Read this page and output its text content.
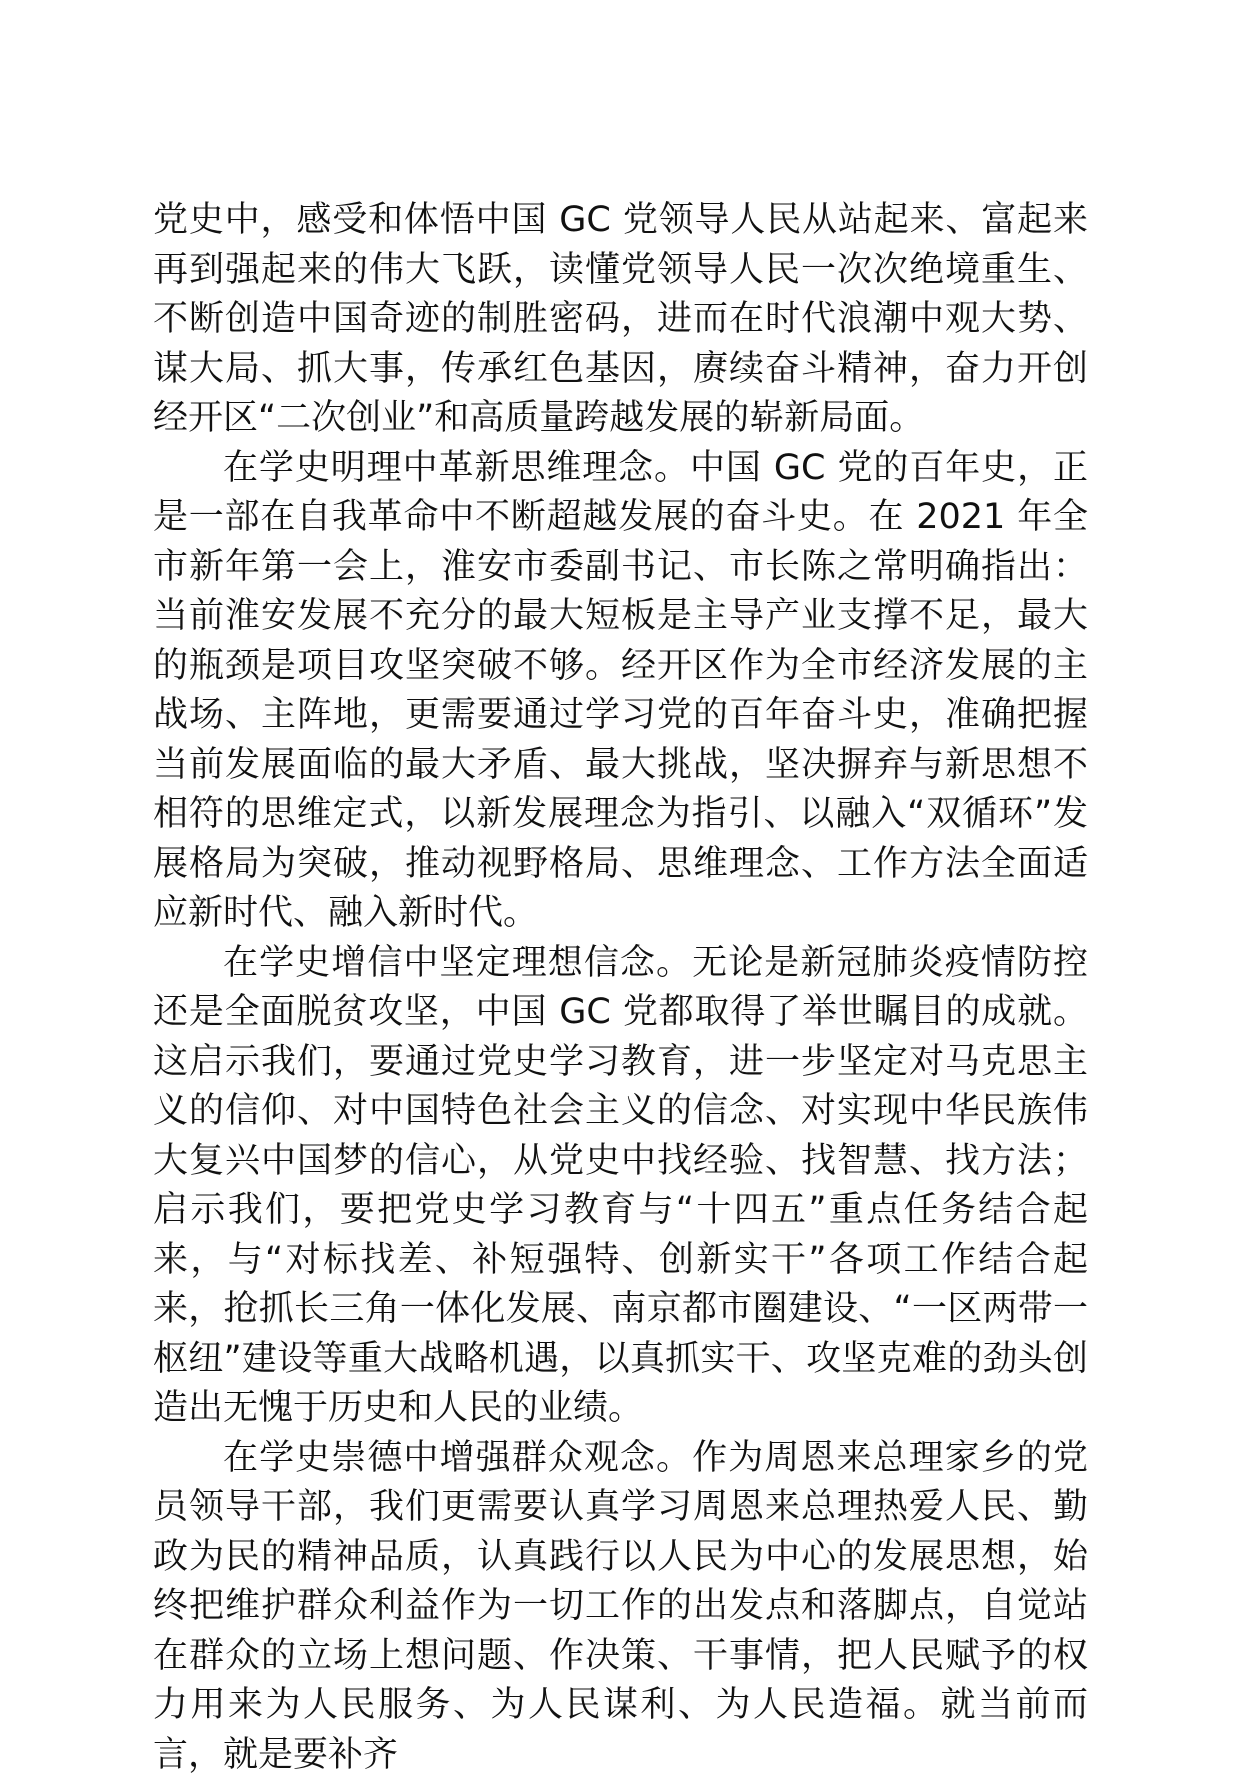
党史中，感受和体悟中国 GC 党领导人民从站起来、富起来再到强起来的伟大飞跃，读懂党领导人民一次次绝境重生、不断创造中国奇迹的制胜密码，进而在时代浪潮中观大势、谋大局、抓大事，传承红色基因，赓续奋斗精神，奋力开创经开区“二次创业”和高质量跨越发展的崭新局面。

在学史明理中革新思维理念。中国 GC 党的百年史，正是一部在自我革命中不断超越发展的奋斗史。在 2021 年全市新年第一会上，淮安市委副书记、市长陈之常明确指出：当前淮安发展不充分的最大短板是主导产业支撑不足，最大的瓶颈是项目攻坚突破不够。经开区作为全市经济发展的主战场、主阵地，更需要通过学习党的百年奋斗史，准确把握当前发展面临的最大矛盾、最大挑战，坚决摒弃与新思想不相符的思维定式，以新发展理念为指引、以融入“双循环”发展格局为突破，推动视野格局、思维理念、工作方法全面适应新时代、融入新时代。

在学史增信中坚定理想信念。无论是新冠肺炎疫情防控还是全面脱贫攻坚，中国 GC 党都取得了举世瞩目的成就。这启示我们，要通过党史学习教育，进一步坚定对马克思主义的信仰、对中国特色社会主义的信念、对实现中华民族伟大复兴中国梦的信心，从党史中找经验、找智慧、找方法；启示我们，要把党史学习教育与“十四五”重点任务结合起来，与“对标找差、补短强特、创新实干”各项工作结合起来，抢抓长三角一体化发展、南京都市圈建设、“一区两带一枢纽”建设等重大战略机遇，以真抓实干、攻坚克难的劲头创造出无愧于历史和人民的业绩。

在学史崇德中增强群众观念。作为周恩来总理家乡的党员领导干部，我们更需要认真学习周恩来总理热爱人民、勤政为民的精神品质，认真践行以人民为中心的发展思想，始终把维护群众利益作为一切工作的出发点和落脚点，自觉站在群众的立场上想问题、作决策、干事情，把人民赋予的权力用来为人民服务、为人民谋利、为人民造福。就当前而言，就是要补齐
